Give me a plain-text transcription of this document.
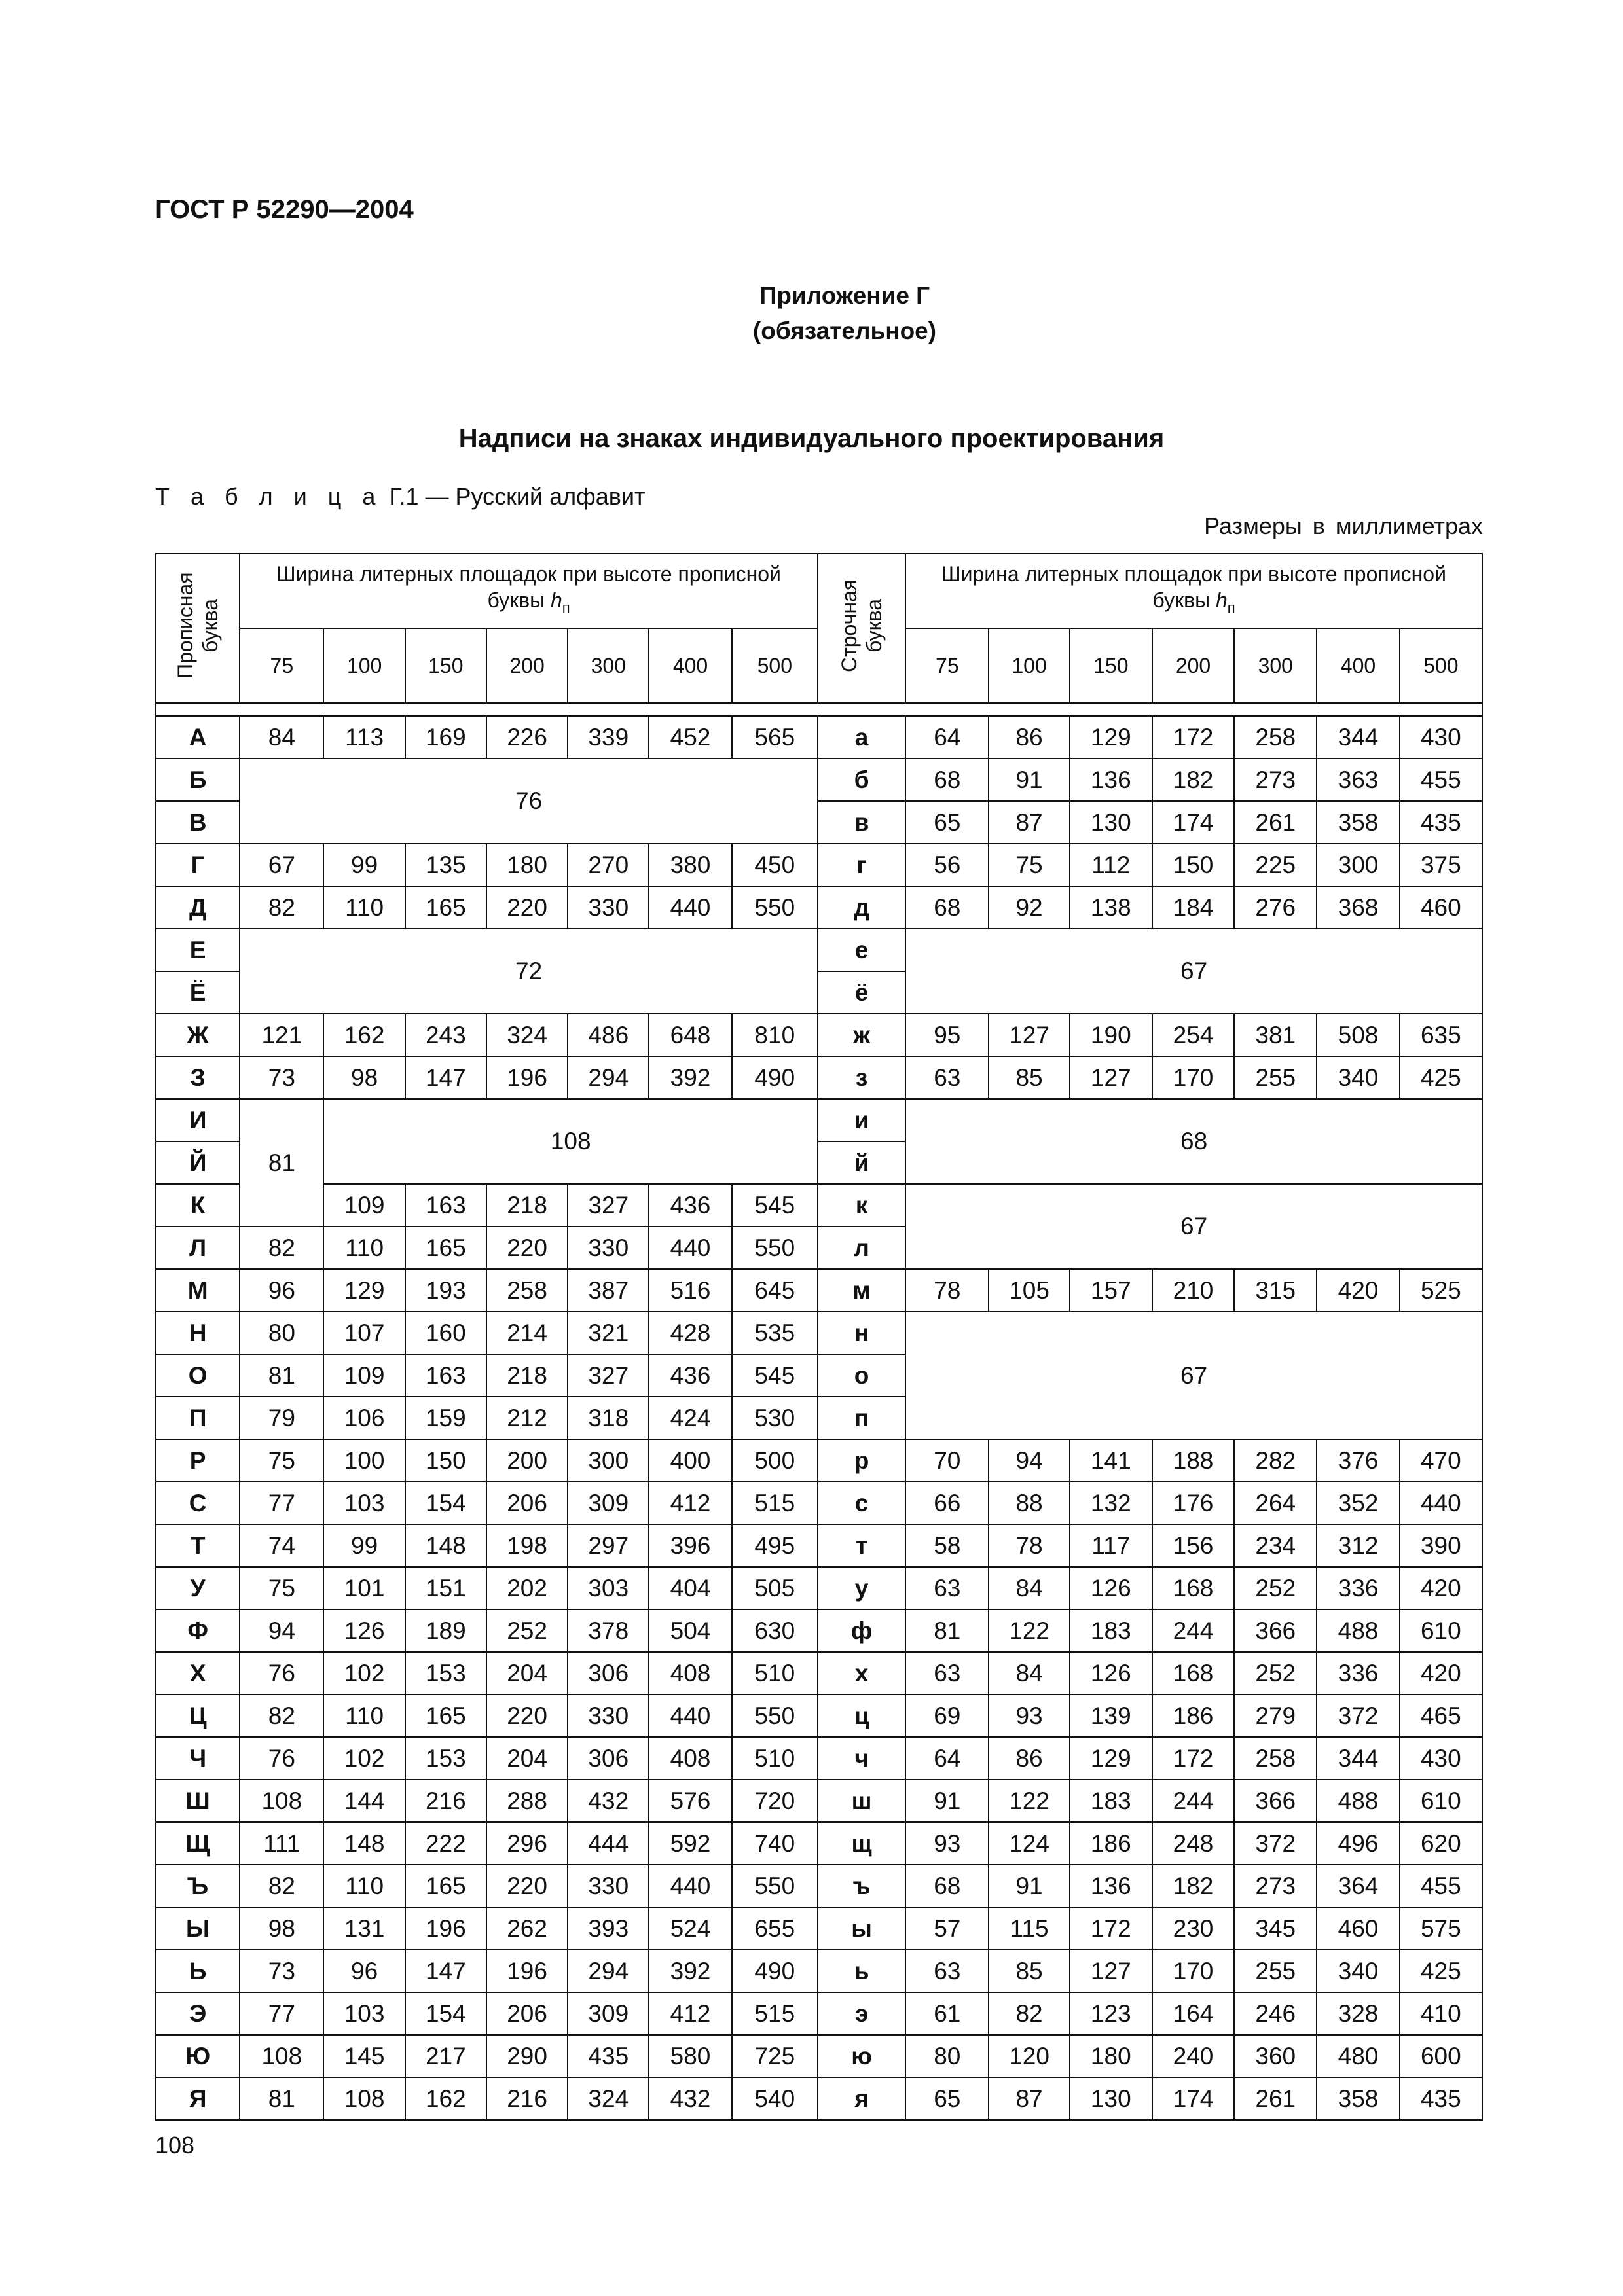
ГОСТ Р 52290—2004
Приложение Г
(обязательное)
Надписи на знаках индивидуального проектирования
Т а б л и ц а Г.1 — Русский алфавит
Размеры в миллиметрах
Прописная буква	Ширина литерных площадок при высоте прописной буквы $h_п$							Строчная буква	Ширина литерных площадок при высоте прописной буквы $h_п$
	75	100	150	200	300	400	500		75	100	150	200	300	400	500

А	84	113	169	226	339	452	565	а	64	86	129	172	258	344	430
Б	76							б	68	91	136	182	273	363	455
В								в	65	87	130	174	261	358	435
Г	67	99	135	180	270	380	450	г	56	75	112	150	225	300	375
Д	82	110	165	220	330	440	550	д	68	92	138	184	276	368	460
Е	72							е	67						
Ё								ё							
Ж	121	162	243	324	486	648	810	ж	95	127	190	254	381	508	635
З	73	98	147	196	294	392	490	з	63	85	127	170	255	340	425
И	81	108						и	68						
Й								й							
К		109	163	218	327	436	545	к	67						
Л	82	110	165	220	330	440	550	л							
М	96	129	193	258	387	516	645	м	78	105	157	210	315	420	525
Н	80	107	160	214	321	428	535	н	67						
О	81	109	163	218	327	436	545	о							
П	79	106	159	212	318	424	530	п							
Р	75	100	150	200	300	400	500	р	70	94	141	188	282	376	470
С	77	103	154	206	309	412	515	с	66	88	132	176	264	352	440
Т	74	99	148	198	297	396	495	т	58	78	117	156	234	312	390
У	75	101	151	202	303	404	505	у	63	84	126	168	252	336	420
Ф	94	126	189	252	378	504	630	ф	81	122	183	244	366	488	610
Х	76	102	153	204	306	408	510	х	63	84	126	168	252	336	420
Ц	82	110	165	220	330	440	550	ц	69	93	139	186	279	372	465
Ч	76	102	153	204	306	408	510	ч	64	86	129	172	258	344	430
Ш	108	144	216	288	432	576	720	ш	91	122	183	244	366	488	610
Щ	111	148	222	296	444	592	740	щ	93	124	186	248	372	496	620
Ъ	82	110	165	220	330	440	550	ъ	68	91	136	182	273	364	455
Ы	98	131	196	262	393	524	655	ы	57	115	172	230	345	460	575
Ь	73	96	147	196	294	392	490	ь	63	85	127	170	255	340	425
Э	77	103	154	206	309	412	515	э	61	82	123	164	246	328	410
Ю	108	145	217	290	435	580	725	ю	80	120	180	240	360	480	600
Я	81	108	162	216	324	432	540	я	65	87	130	174	261	358	435
108
